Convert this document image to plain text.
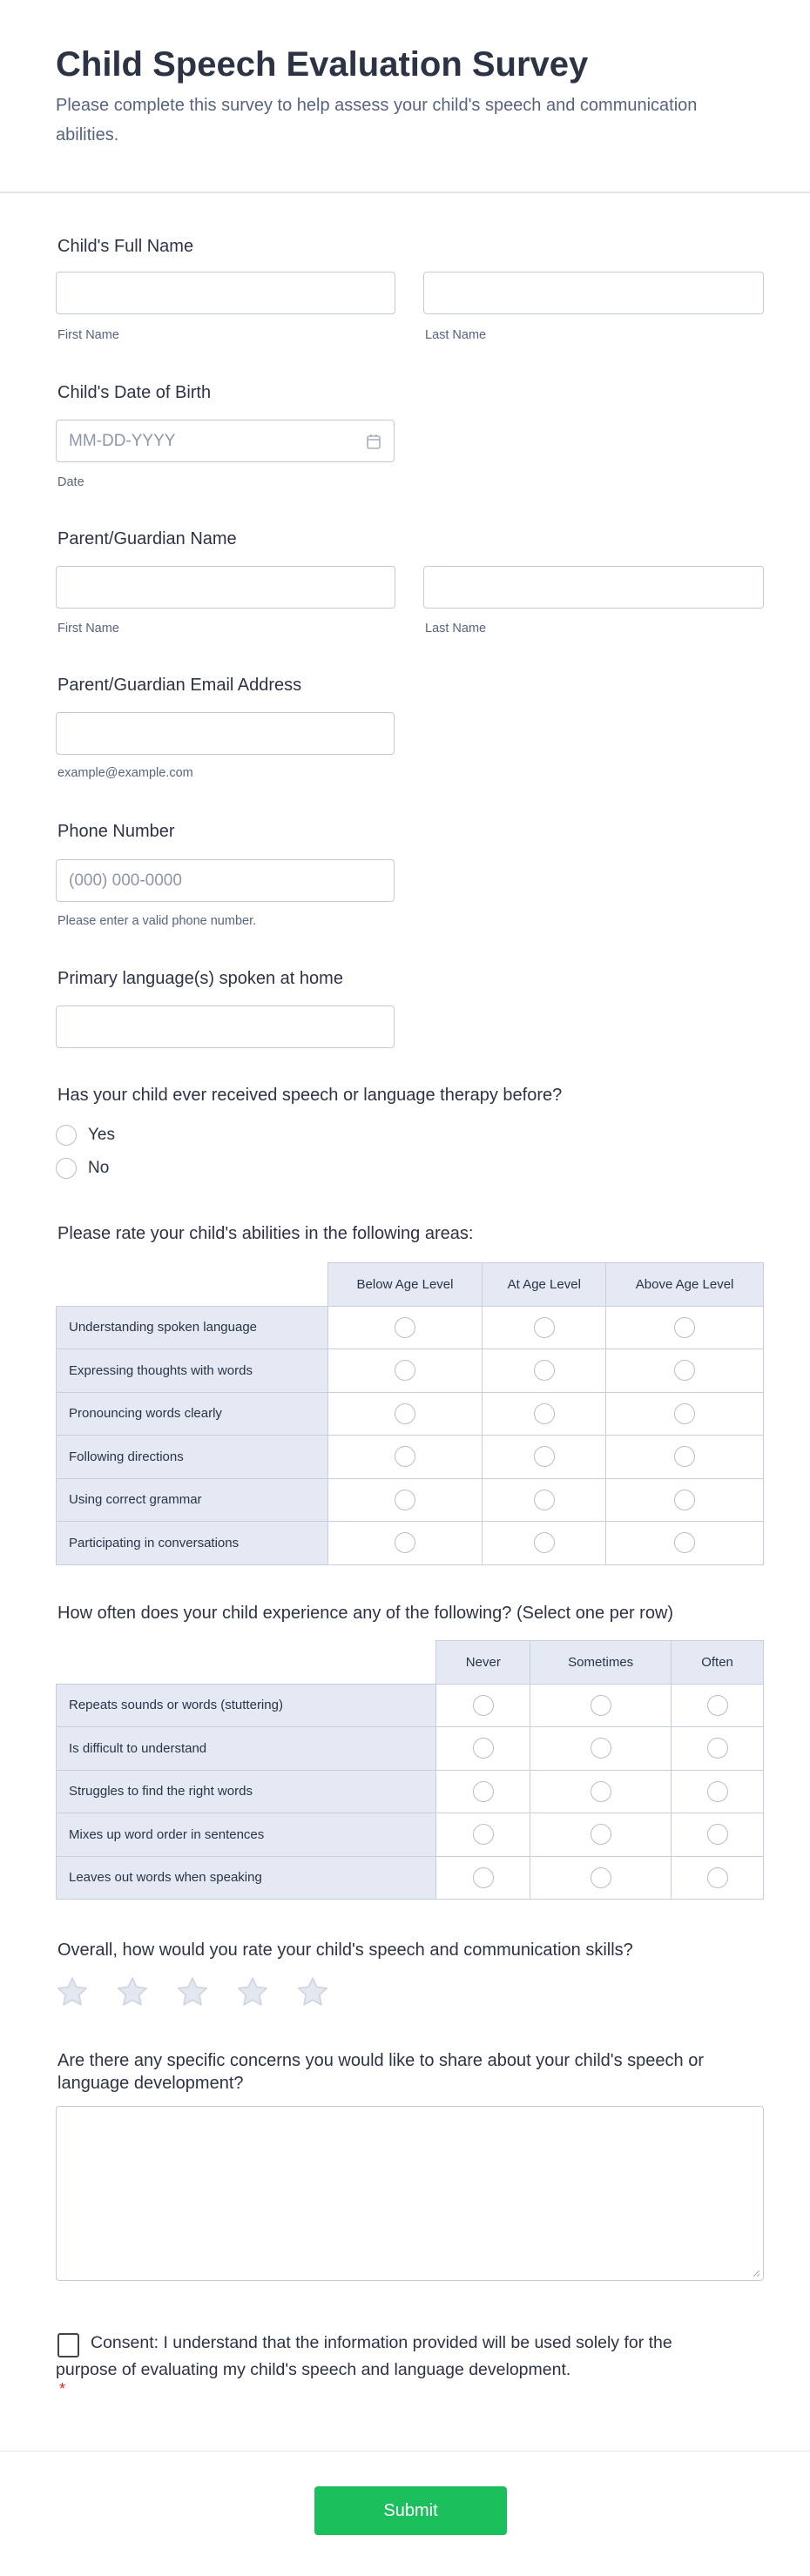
Child Speech Evaluation Survey

Please complete this survey to help assess your child's speech and communication abilities.

Child's Full Name
First Name	Last Name
Child's Date of Birth
MM-DD-YYYY
Date
Parent/Guardian Name
First Name	Last Name
Parent/Guardian Email Address
example@example.com
Phone Number
(000) 000-0000
Please enter a valid phone number.
Primary language(s) spoken at home
Has your child ever received speech or language therapy before?
Yes
No
Please rate your child's abilities in the following areas:
	Below Age Level	At Age Level	Above Age Level
Understanding spoken language			
Expressing thoughts with words			
Pronouncing words clearly			
Following directions			
Using correct grammar			
Participating in conversations			
How often does your child experience any of the following? (Select one per row)
	Never	Sometimes	Often
Repeats sounds or words (stuttering)			
Is difficult to understand			
Struggles to find the right words			
Mixes up word order in sentences			
Leaves out words when speaking			
Overall, how would you rate your child's speech and communication skills?
Are there any specific concerns you would like to share about your child's speech or language development?
Consent: I understand that the information provided will be used solely for the purpose of evaluating my child's speech and language development.
*
Submit
